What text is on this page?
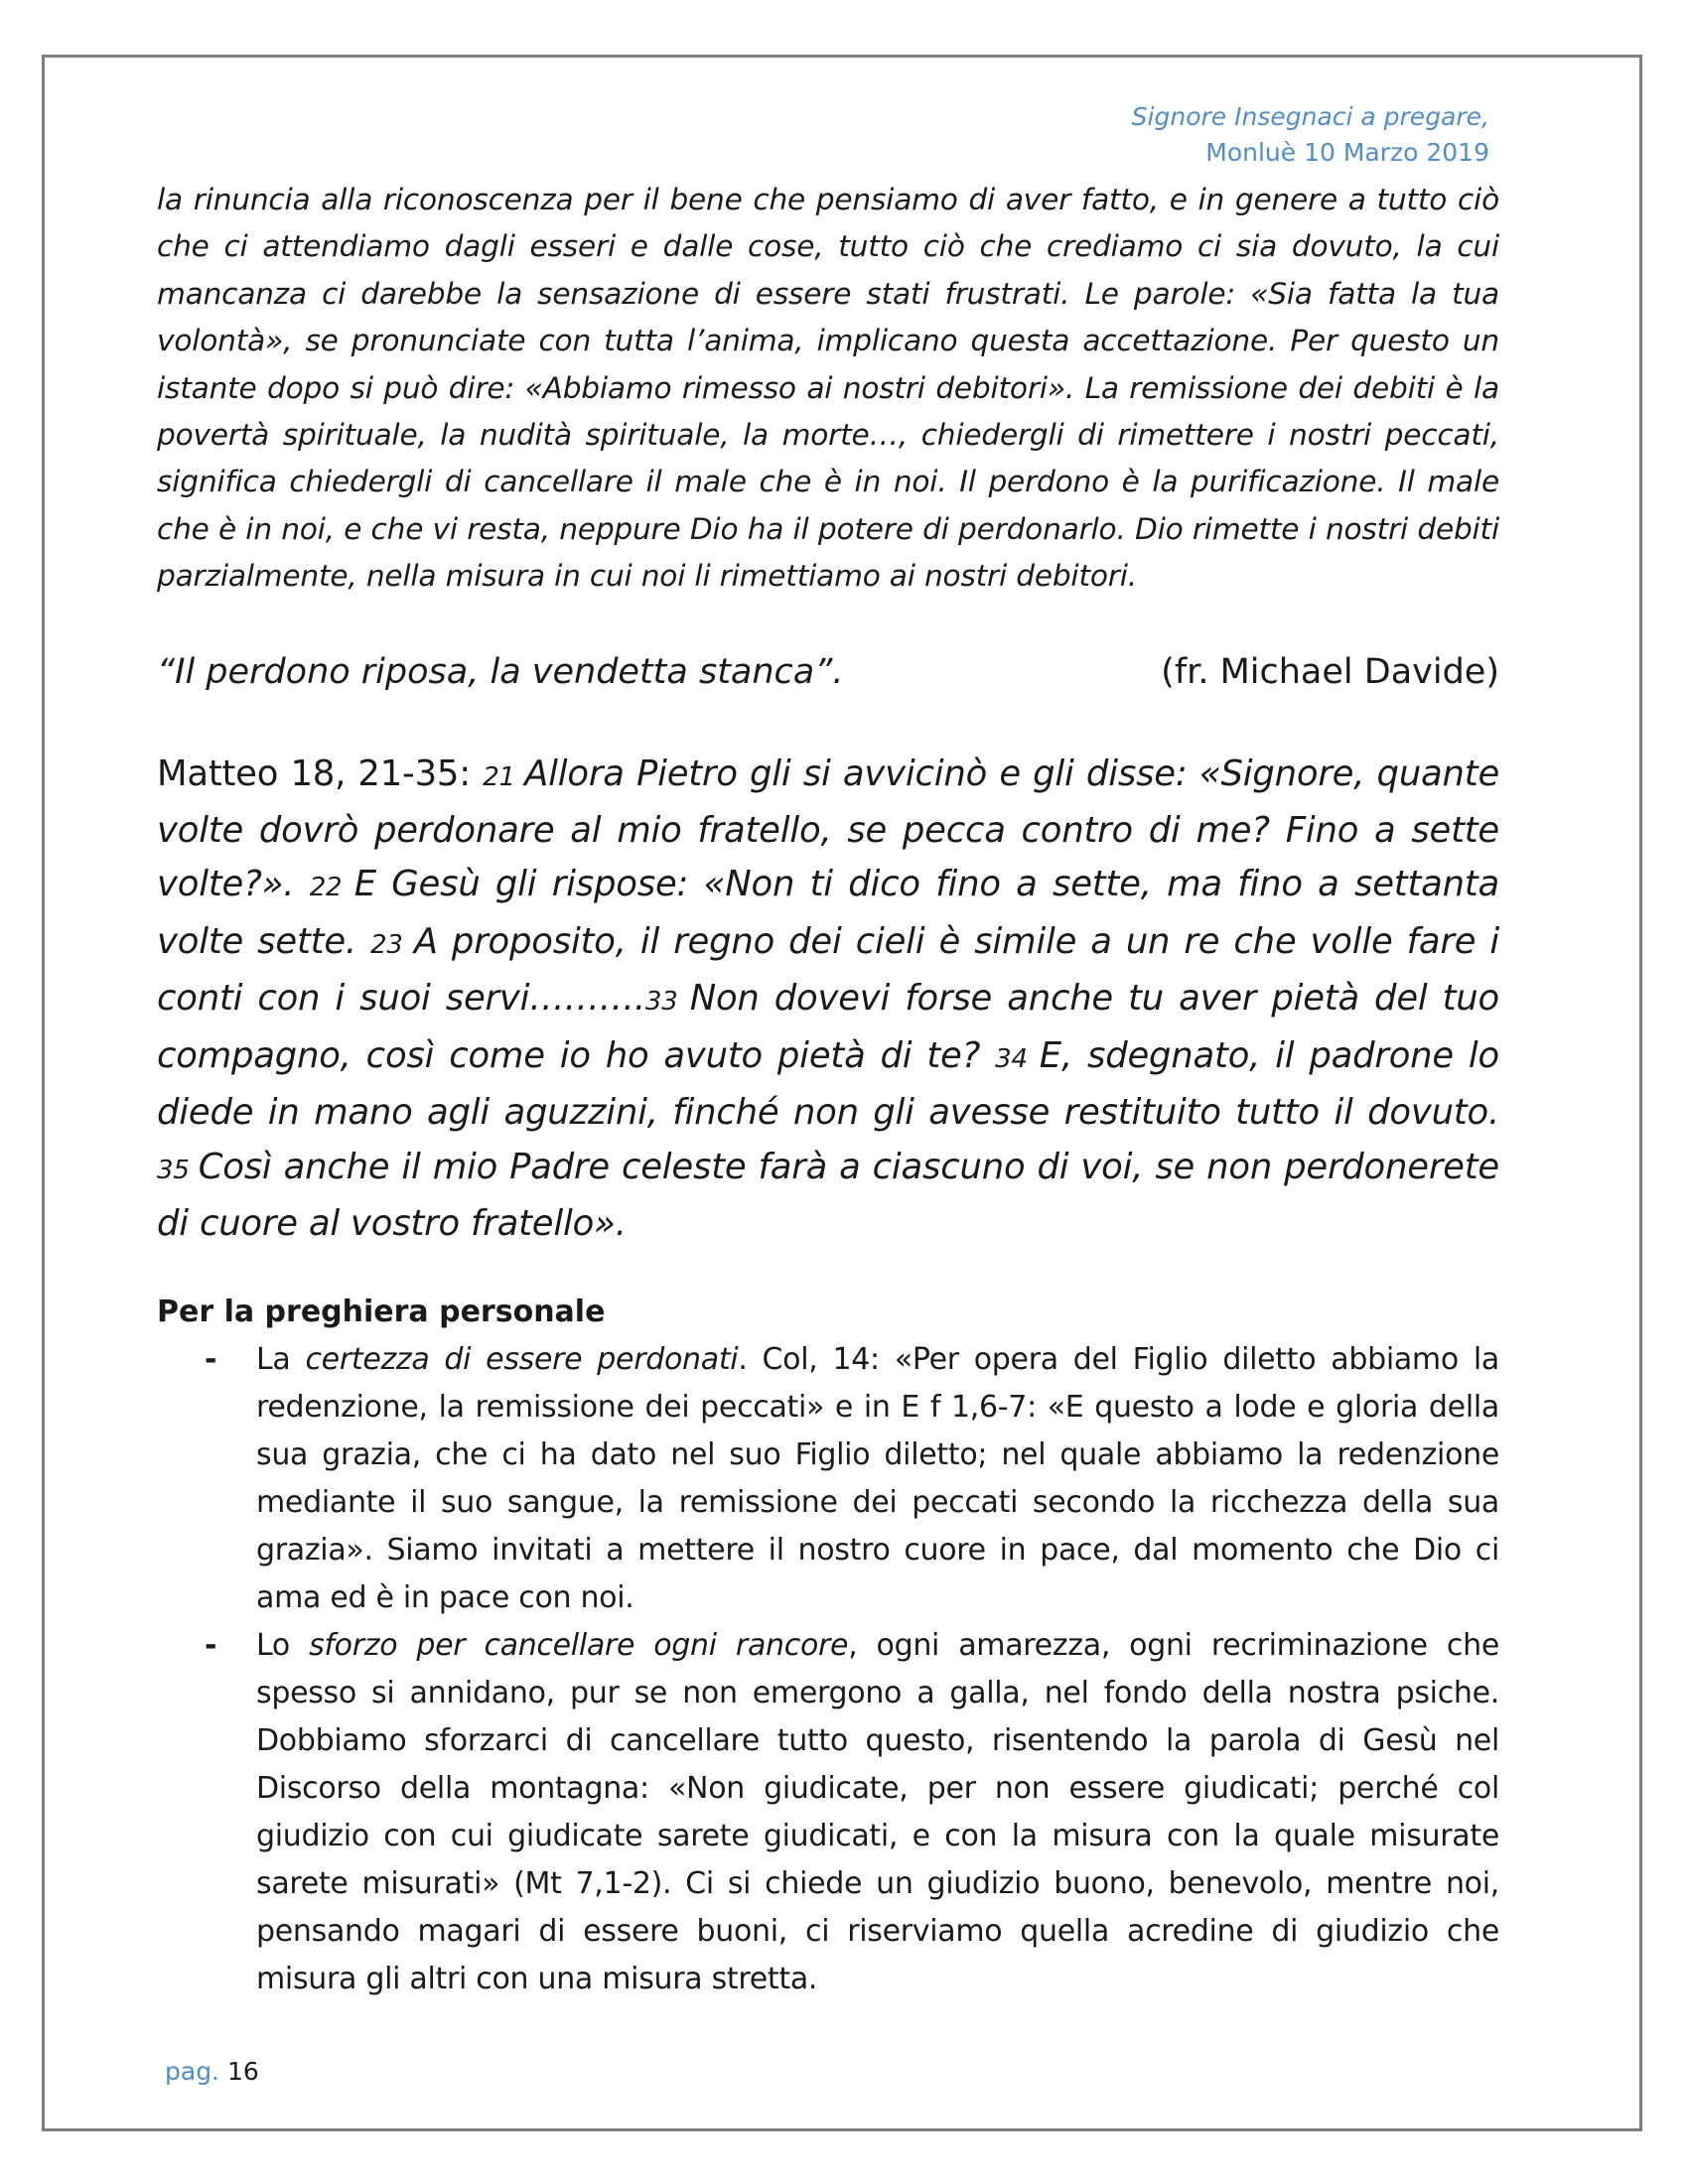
Signore Insegnaci a pregare,
Monluè 10 Marzo 2019

la rinuncia alla riconoscenza per il bene che pensiamo di aver fatto, e in genere a tutto ciò che ci attendiamo dagli esseri e dalle cose, tutto ciò che crediamo ci sia dovuto, la cui mancanza ci darebbe la sensazione di essere stati frustrati. Le parole: «Sia fatta la tua volontà», se pronunciate con tutta l’anima, implicano questa accettazione. Per questo un istante dopo si può dire: «Abbiamo rimesso ai nostri debitori». La remissione dei debiti è la povertà spirituale, la nudità spirituale, la morte…, chiedergli di rimettere i nostri peccati, significa chiedergli di cancellare il male che è in noi. Il perdono è la purificazione. Il male che è in noi, e che vi resta, neppure Dio ha il potere di perdonarlo. Dio rimette i nostri debiti parzialmente, nella misura in cui noi li rimettiamo ai nostri debitori.

“Il perdono riposa, la vendetta stanca”.	(fr. Michael Davide)

Matteo 18, 21-35: 21 Allora Pietro gli si avvicinò e gli disse: «Signore, quante volte dovrò perdonare al mio fratello, se pecca contro di me? Fino a sette volte?». 22 E Gesù gli rispose: «Non ti dico fino a sette, ma fino a settanta volte sette. 23 A proposito, il regno dei cieli è simile a un re che volle fare i conti con i suoi servi……….33 Non dovevi forse anche tu aver pietà del tuo compagno, così come io ho avuto pietà di te? 34 E, sdegnato, il padrone lo diede in mano agli aguzzini, finché non gli avesse restituito tutto il dovuto. 35 Così anche il mio Padre celeste farà a ciascuno di voi, se non perdonerete di cuore al vostro fratello».

Per la preghiera personale
- La certezza di essere perdonati. Col, 14: «Per opera del Figlio diletto abbiamo la redenzione, la remissione dei peccati» e in E f 1,6-7: «E questo a lode e gloria della sua grazia, che ci ha dato nel suo Figlio diletto; nel quale abbiamo la redenzione mediante il suo sangue, la remissione dei peccati secondo la ricchezza della sua grazia». Siamo invitati a mettere il nostro cuore in pace, dal momento che Dio ci ama ed è in pace con noi.
- Lo sforzo per cancellare ogni rancore, ogni amarezza, ogni recriminazione che spesso si annidano, pur se non emergono a galla, nel fondo della nostra psiche. Dobbiamo sforzarci di cancellare tutto questo, risentendo la parola di Gesù nel Discorso della montagna: «Non giudicate, per non essere giudicati; perché col giudizio con cui giudicate sarete giudicati, e con la misura con la quale misurate sarete misurati» (Mt 7,1-2). Ci si chiede un giudizio buono, benevolo, mentre noi, pensando magari di essere buoni, ci riserviamo quella acredine di giudizio che misura gli altri con una misura stretta.
pag. 16
